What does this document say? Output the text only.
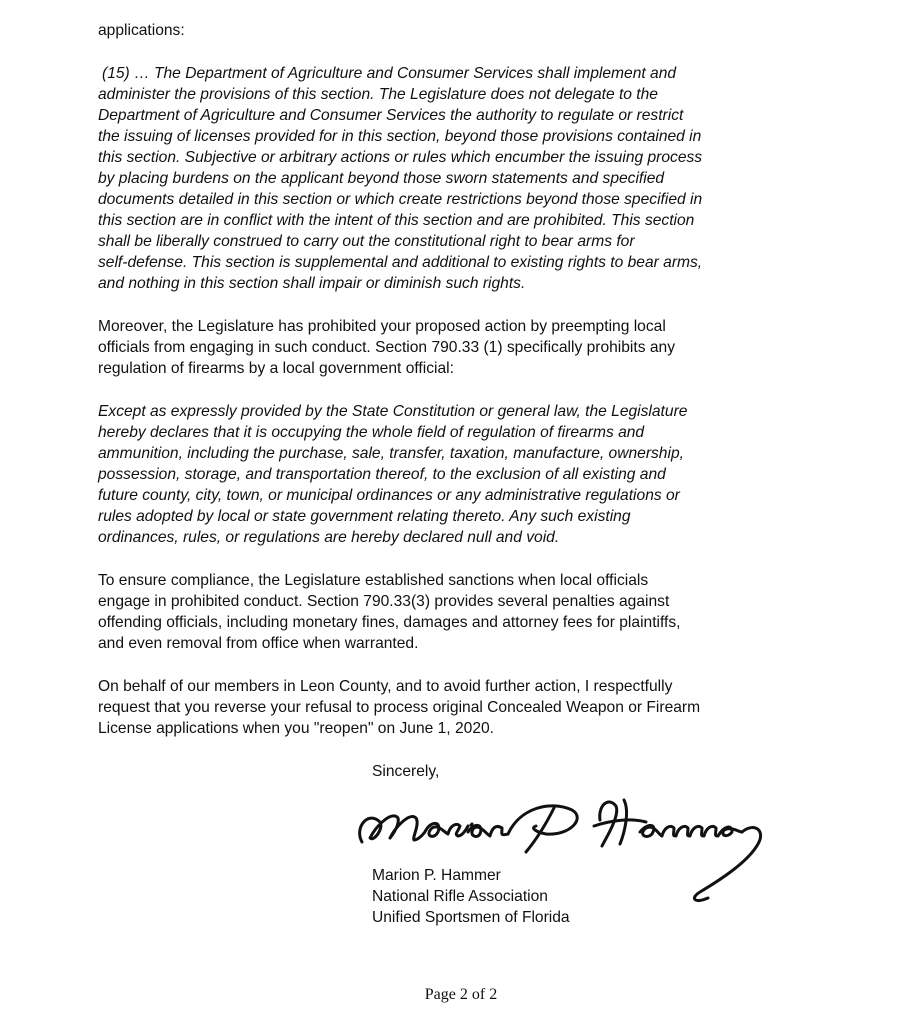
applications:
(15) … The Department of Agriculture and Consumer Services shall implement and
administer the provisions of this section. The Legislature does not delegate to the
Department of Agriculture and Consumer Services the authority to regulate or restrict
the issuing of licenses provided for in this section, beyond those provisions contained in
this section. Subjective or arbitrary actions or rules which encumber the issuing process
by placing burdens on the applicant beyond those sworn statements and specified
documents detailed in this section or which create restrictions beyond those specified in
this section are in conflict with the intent of this section and are prohibited. This section
shall be liberally construed to carry out the constitutional right to bear arms for
self-defense. This section is supplemental and additional to existing rights to bear arms,
and nothing in this section shall impair or diminish such rights.
Moreover, the Legislature has prohibited your proposed action by preempting local
officials from engaging in such conduct. Section 790.33 (1) specifically prohibits any
regulation of firearms by a local government official:
Except as expressly provided by the State Constitution or general law, the Legislature
hereby declares that it is occupying the whole field of regulation of firearms and
ammunition, including the purchase, sale, transfer, taxation, manufacture, ownership,
possession, storage, and transportation thereof, to the exclusion of all existing and
future county, city, town, or municipal ordinances or any administrative regulations or
rules adopted by local or state government relating thereto. Any such existing
ordinances, rules, or regulations are hereby declared null and void.
To ensure compliance, the Legislature established sanctions when local officials
engage in prohibited conduct. Section 790.33(3) provides several penalties against
offending officials, including monetary fines, damages and attorney fees for plaintiffs,
and even removal from office when warranted.
On behalf of our members in Leon County, and to avoid further action, I respectfully
request that you reverse your refusal to process original Concealed Weapon or Firearm
License applications when you "reopen" on June 1, 2020.
Sincerely,
Marion P. Hammer
National Rifle Association
Unified Sportsmen of Florida
Page 2 of 2
